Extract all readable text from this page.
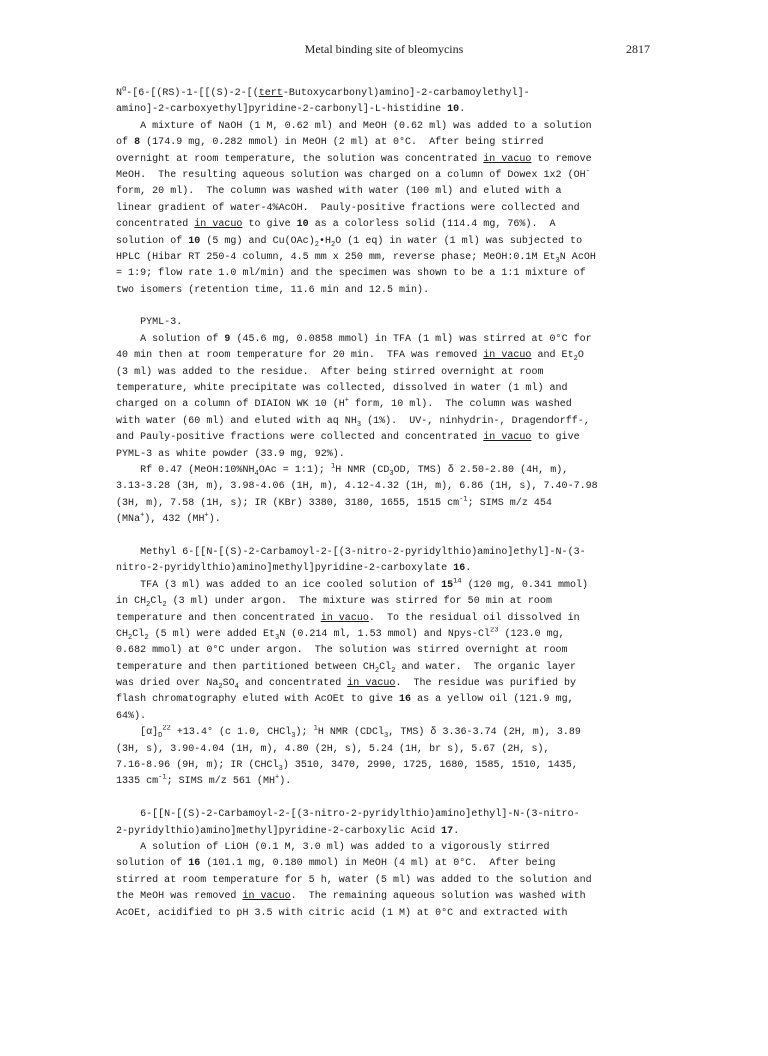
Metal binding site of bleomycins	2817
$N^\alpha-[6-[(RS)-1-[[(S)-2-[(tert-Butoxycarbonyl)amino]-2-carbamoylethyl]-$
amino]-2-carboxyethyl]pyridine-2-carbonyl]-L-histidine 10.
A mixture of NaOH (1 M, 0.62 ml) and MeOH (0.62 ml) was added to a solution
of 8 (174.9 mg, 0.282 mmol) in MeOH (2 ml) at 0°C.  After being stirred
overnight at room temperature, the solution was concentrated in vacuo to remove
MeOH.  The resulting aqueous solution was charged on a column of Dowex 1x2 (OH-
form, 20 ml).  The column was washed with water (100 ml) and eluted with a
linear gradient of water-4%AcOH.  Pauly-positive fractions were collected and
concentrated in vacuo to give 10 as a colorless solid (114.4 mg, 76%).  A
solution of 10 (5 mg) and $Cu(OAc)_2•H_2O$ (1 eq) in water (1 ml) was subjected to
HPLC (Hibar RT 250-4 column, 4.5 mm x 250 mm, reverse phase; MeOH:0.1M $Et_3N$ AcOH
= 1:9; flow rate 1.0 ml/min) and the specimen was shown to be a 1:1 mixture of
two isomers (retention time, 11.6 min and 12.5 min).
PYML-3.
A solution of 9 (45.6 mg, 0.0858 mmol) in TFA (1 ml) was stirred at 0°C for
40 min then at room temperature for 20 min.  TFA was removed in vacuo and $Et_2O$
(3 ml) was added to the residue.  After being stirred overnight at room
temperature, white precipitate was collected, dissolved in water (1 ml) and
charged on a column of DIAION WK 10 (H+ form, 10 ml).  The column was washed
with water (60 ml) and eluted with aq $NH_3$ (1%).  UV-, ninhydrin-, Dragendorff-,
and Pauly-positive fractions were collected and concentrated in vacuo to give
PYML-3 as white powder (33.9 mg, 92%).
Rf 0.47 ($MeOH:10\%NH_4OAc$ = 1:1); $^1$H NMR ($CD_3OD$, TMS) δ 2.50-2.80 (4H, m),
3.13-3.28 (3H, m), 3.98-4.06 (1H, m), 4.12-4.32 (1H, m), 6.86 (1H, s), 7.40-7.98
(3H, m), 7.58 (1H, s); IR (KBr) 3380, 3180, 1655, 1515 $cm^{-1}$; SIMS m/z 454
(MNa+), 432 (MH+).
Methyl 6-[[N-[(S)-2-Carbamoyl-2-[(3-nitro-2-pyridylthio)amino]ethyl]-N-(3-
nitro-2-pyridylthio)amino]methyl]pyridine-2-carboxylate 16.
TFA (3 ml) was added to an ice cooled solution of $15^{14}$ (120 mg, 0.341 mmol)
in $CH_2Cl_2$ (3 ml) under argon.  The mixture was stirred for 50 min at room
temperature and then concentrated in vacuo.  To the residual oil dissolved in
$CH_2Cl_2$ (5 ml) were added $Et_3N$ (0.214 ml, 1.53 mmol) and Npys-Cl$^{23}$ (123.0 mg,
0.682 mmol) at 0°C under argon.  The solution was stirred overnight at room
temperature and then partitioned between $CH_2Cl_2$ and water.  The organic layer
was dried over $Na_2SO_4$ and concentrated in vacuo.  The residue was purified by
flash chromatography eluted with AcOEt to give 16 as a yellow oil (121.9 mg,
64%).
$[\alpha]_D^{22} +13.4^\circ$ (c 1.0, CHCl$_3$); $^1$H NMR (CDCl$_3$, TMS) δ 3.36-3.74 (2H, m), 3.89
(3H, s), 3.90-4.04 (1H, m), 4.80 (2H, s), 5.24 (1H, br s), 5.67 (2H, s),
7.16-8.96 (9H, m); IR (CHCl$_3$) 3510, 3470, 2990, 1725, 1680, 1585, 1510, 1435,
1335 $cm^{-1}$; SIMS m/z 561 (MH+).
6-[[N-[(S)-2-Carbamoyl-2-[(3-nitro-2-pyridylthio)amino]ethyl]-N-(3-nitro-
2-pyridylthio)amino]methyl]pyridine-2-carboxylic Acid 17.
A solution of LiOH (0.1 M, 3.0 ml) was added to a vigorously stirred
solution of 16 (101.1 mg, 0.180 mmol) in MeOH (4 ml) at 0°C.  After being
stirred at room temperature for 5 h, water (5 ml) was added to the solution and
the MeOH was removed in vacuo.  The remaining aqueous solution was washed with
AcOEt, acidified to pH 3.5 with citric acid (1 M) at 0°C and extracted with
